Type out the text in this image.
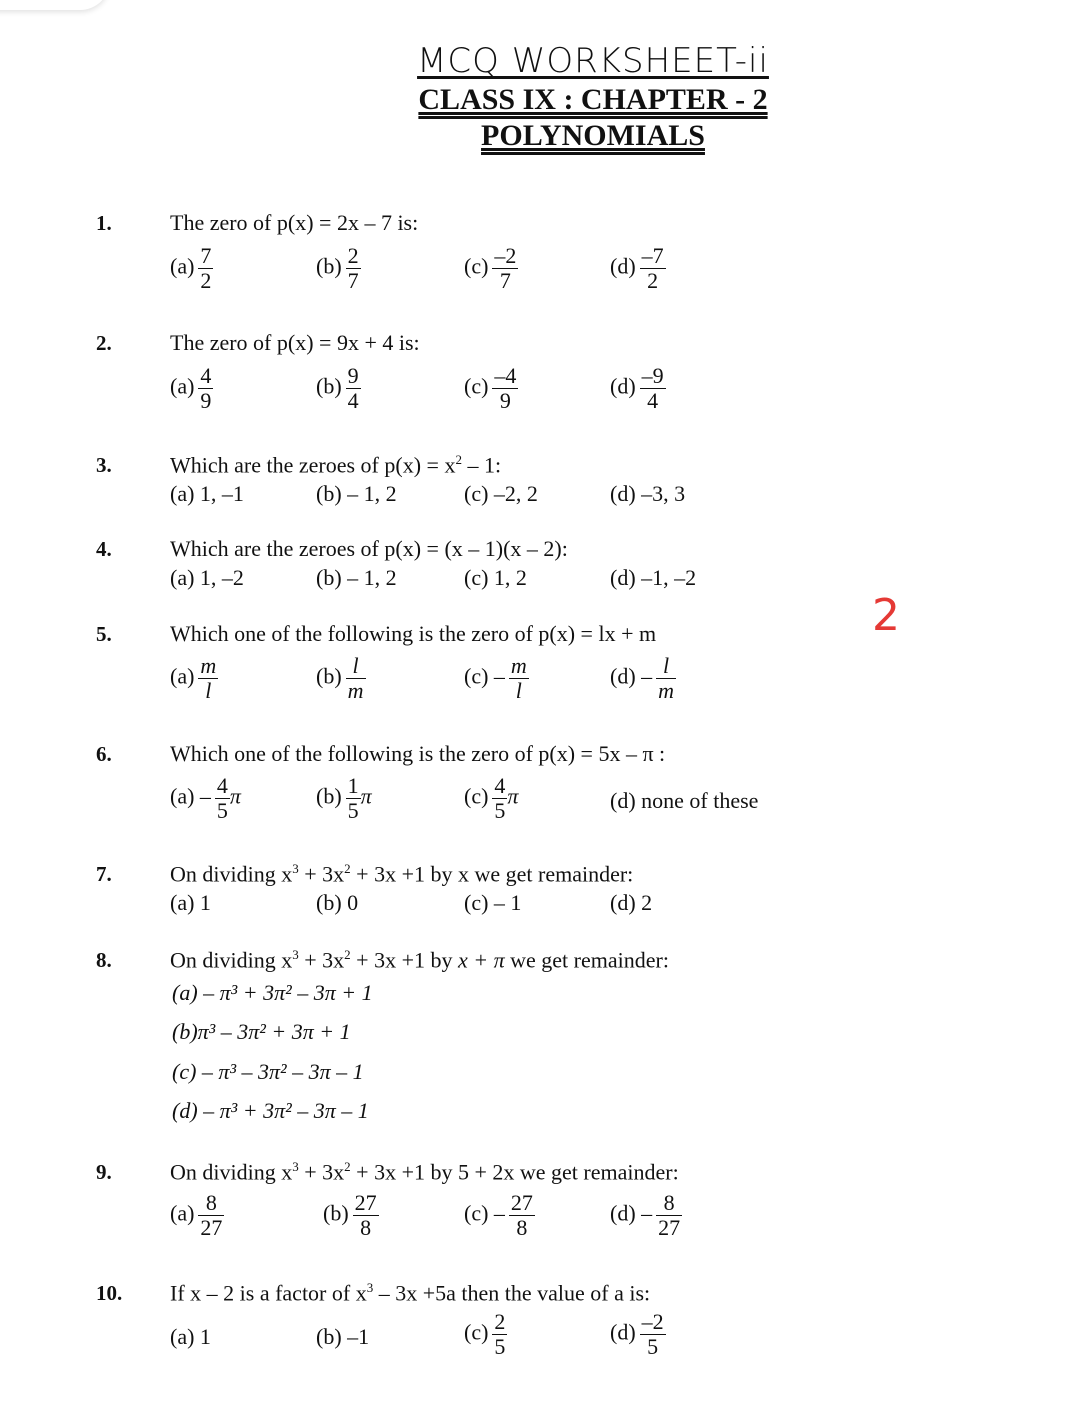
MCQ WORKSHEET-ii
CLASS IX : CHAPTER - 2
POLYNOMIALS
2
1.	The zero of p(x) = 2x – 7 is:
$(a) \frac{7}{2}$	$(b) \frac{2}{7}$	$(c) \frac{-2}{7}$	$(d) \frac{-7}{2}$
2.	The zero of p(x) = 9x + 4 is:
$(a) \frac{4}{9}$	$(b) \frac{9}{4}$	$(c) \frac{-4}{9}$	$(d) \frac{-9}{4}$
3.	Which are the zeroes of $p(x) = x^2 - 1$:
(a) 1, –1	(b) – 1, 2	(c) –2, 2	(d) –3, 3
4.	Which are the zeroes of p(x) = (x – 1)(x – 2):
(a) 1, –2	(b) – 1, 2	(c) 1, 2	(d) –1, –2
5.	Which one of the following is the zero of p(x) = lx + m
$(a) \frac{m}{l}$	$(b) \frac{l}{m}$	$(c) - \frac{m}{l}$	$(d) - \frac{l}{m}$
6.	Which one of the following is the zero of p(x) = 5x – π :
$(a) - \frac{4}{5}$ π	$(b) \frac{1}{5}$ π	$(c) \frac{4}{5}$ π	(d) none of these
7.	On dividing $x^3 + 3x^2 + 3x +1$ by x we get remainder:
(a) 1	(b) 0	(c) – 1	(d) 2
8.	On dividing $x^3 + 3x^2 + 3x +1$ by x + π we get remainder:
(a) – π³ + 3π² – 3π + 1
(b)π³ – 3π² + 3π + 1
(c) – π³ – 3π² – 3π – 1
(d) – π³ + 3π² – 3π – 1
9.	On dividing $x^3 + 3x^2 + 3x +1$ by 5 + 2x we get remainder:
$(a) \frac{8}{27}$	$(b) \frac{27}{8}$	$(c) - \frac{27}{8}$	$(d) - \frac{8}{27}$
10. If x – 2 is a factor of $x^3 - 3x +5a$ then the value of a is:
(a) 1	(b) –1	$(c) \frac{2}{5}$	$(d) \frac{-2}{5}$
